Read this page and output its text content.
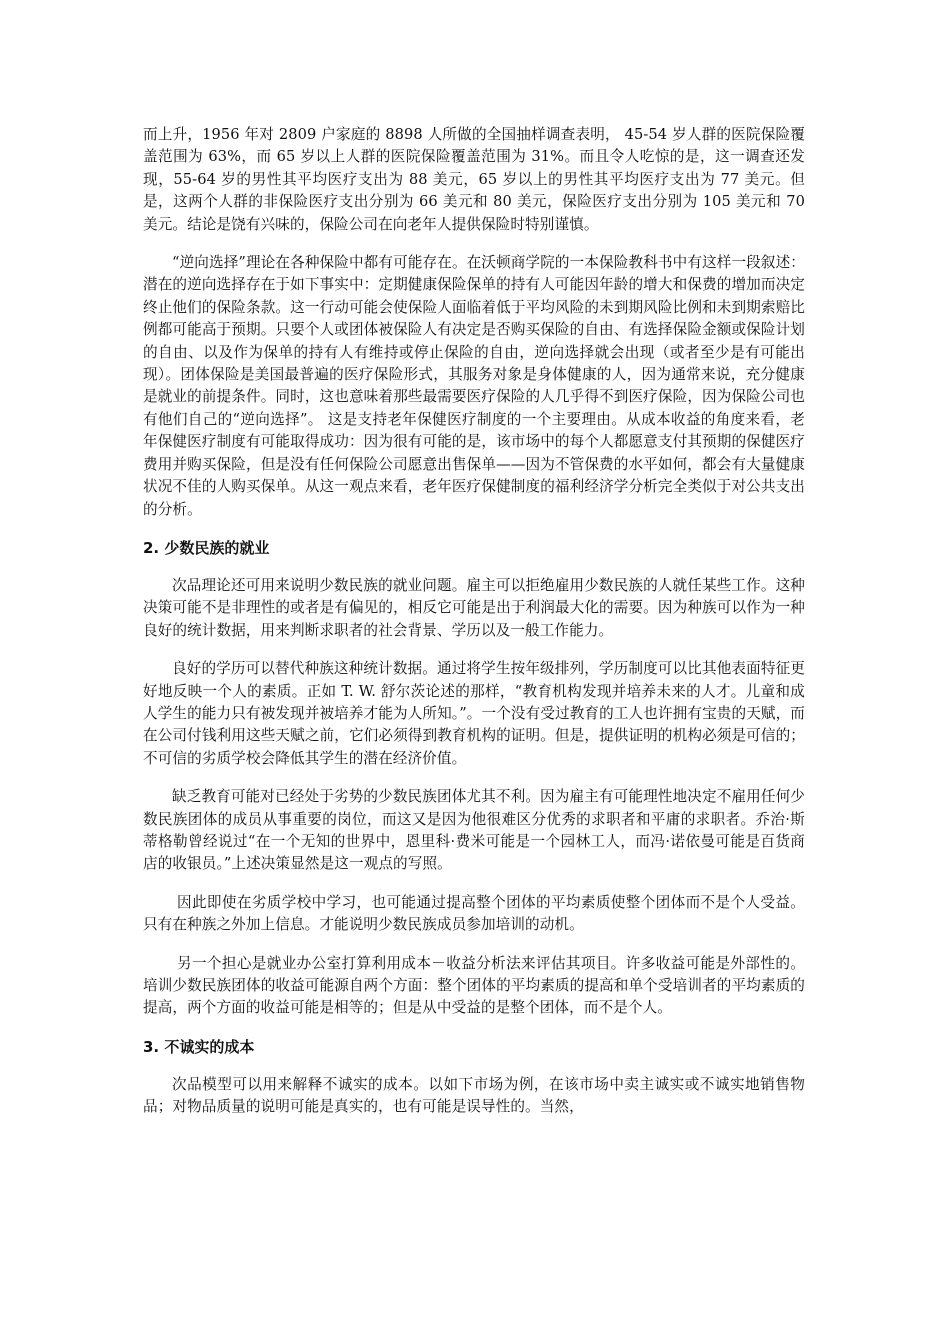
而上升，1956 年对 2809 户家庭的 8898 人所做的全国抽样调查表明， 45-54 岁人群的医院保险覆盖范围为 63%，而 65 岁以上人群的医院保险覆盖范围为 31%。而且令人吃惊的是，这一调查还发现，55-64 岁的男性其平均医疗支出为 88 美元，65 岁以上的男性其平均医疗支出为 77 美元。但是，这两个人群的非保险医疗支出分别为 66 美元和 80 美元，保险医疗支出分别为 105 美元和 70 美元。结论是饶有兴味的，保险公司在向老年人提供保险时特别谨慎。

“逆向选择”理论在各种保险中都有可能存在。在沃顿商学院的一本保险教科书中有这样一段叙述：潜在的逆向选择存在于如下事实中：定期健康保险保单的持有人可能因年龄的增大和保费的增加而决定终止他们的保险条款。这一行动可能会使保险人面临着低于平均风险的未到期风险比例和未到期索赔比例都可能高于预期。只要个人或团体被保险人有决定是否购买保险的自由、有选择保险金额或保险计划的自由、以及作为保单的持有人有维持或停止保险的自由，逆向选择就会出现（或者至少是有可能出现）。团体保险是美国最普遍的医疗保险形式，其服务对象是身体健康的人，因为通常来说，充分健康是就业的前提条件。同时，这也意味着那些最需要医疗保险的人几乎得不到医疗保险，因为保险公司也有他们自己的“逆向选择”。 这是支持老年保健医疗制度的一个主要理由。从成本收益的角度来看，老年保健医疗制度有可能取得成功：因为很有可能的是，该市场中的每个人都愿意支付其预期的保健医疗费用并购买保险，但是没有任何保险公司愿意出售保单——因为不管保费的水平如何，都会有大量健康状况不佳的人购买保单。从这一观点来看，老年医疗保健制度的福利经济学分析完全类似于对公共支出的分析。

2. 少数民族的就业

次品理论还可用来说明少数民族的就业问题。雇主可以拒绝雇用少数民族的人就任某些工作。这种决策可能不是非理性的或者是有偏见的，相反它可能是出于利润最大化的需要。因为种族可以作为一种良好的统计数据，用来判断求职者的社会背景、学历以及一般工作能力。

良好的学历可以替代种族这种统计数据。通过将学生按年级排列，学历制度可以比其他表面特征更好地反映一个人的素质。正如 T. W. 舒尔茨论述的那样，“教育机构发现并培养未来的人才。儿童和成人学生的能力只有被发现并被培养才能为人所知。”。一个没有受过教育的工人也许拥有宝贵的天赋，而在公司付钱利用这些天赋之前，它们必须得到教育机构的证明。但是，提供证明的机构必须是可信的；不可信的劣质学校会降低其学生的潜在经济价值。

缺乏教育可能对已经处于劣势的少数民族团体尤其不利。因为雇主有可能理性地决定不雇用任何少数民族团体的成员从事重要的岗位，而这又是因为他很难区分优秀的求职者和平庸的求职者。乔治·斯蒂格勒曾经说过“在一个无知的世界中，恩里科·费米可能是一个园林工人，而冯·诺依曼可能是百货商店的收银员。”上述决策显然是这一观点的写照。

因此即使在劣质学校中学习，也可能通过提高整个团体的平均素质使整个团体而不是个人受益。只有在种族之外加上信息。才能说明少数民族成员参加培训的动机。

另一个担心是就业办公室打算利用成本－收益分析法来评估其项目。许多收益可能是外部性的。培训少数民族团体的收益可能源自两个方面：整个团体的平均素质的提高和单个受培训者的平均素质的提高，两个方面的收益可能是相等的；但是从中受益的是整个团体，而不是个人。

3. 不诚实的成本

次品模型可以用来解释不诚实的成本。以如下市场为例，在该市场中卖主诚实或不诚实地销售物品；对物品质量的说明可能是真实的，也有可能是误导性的。当然，
